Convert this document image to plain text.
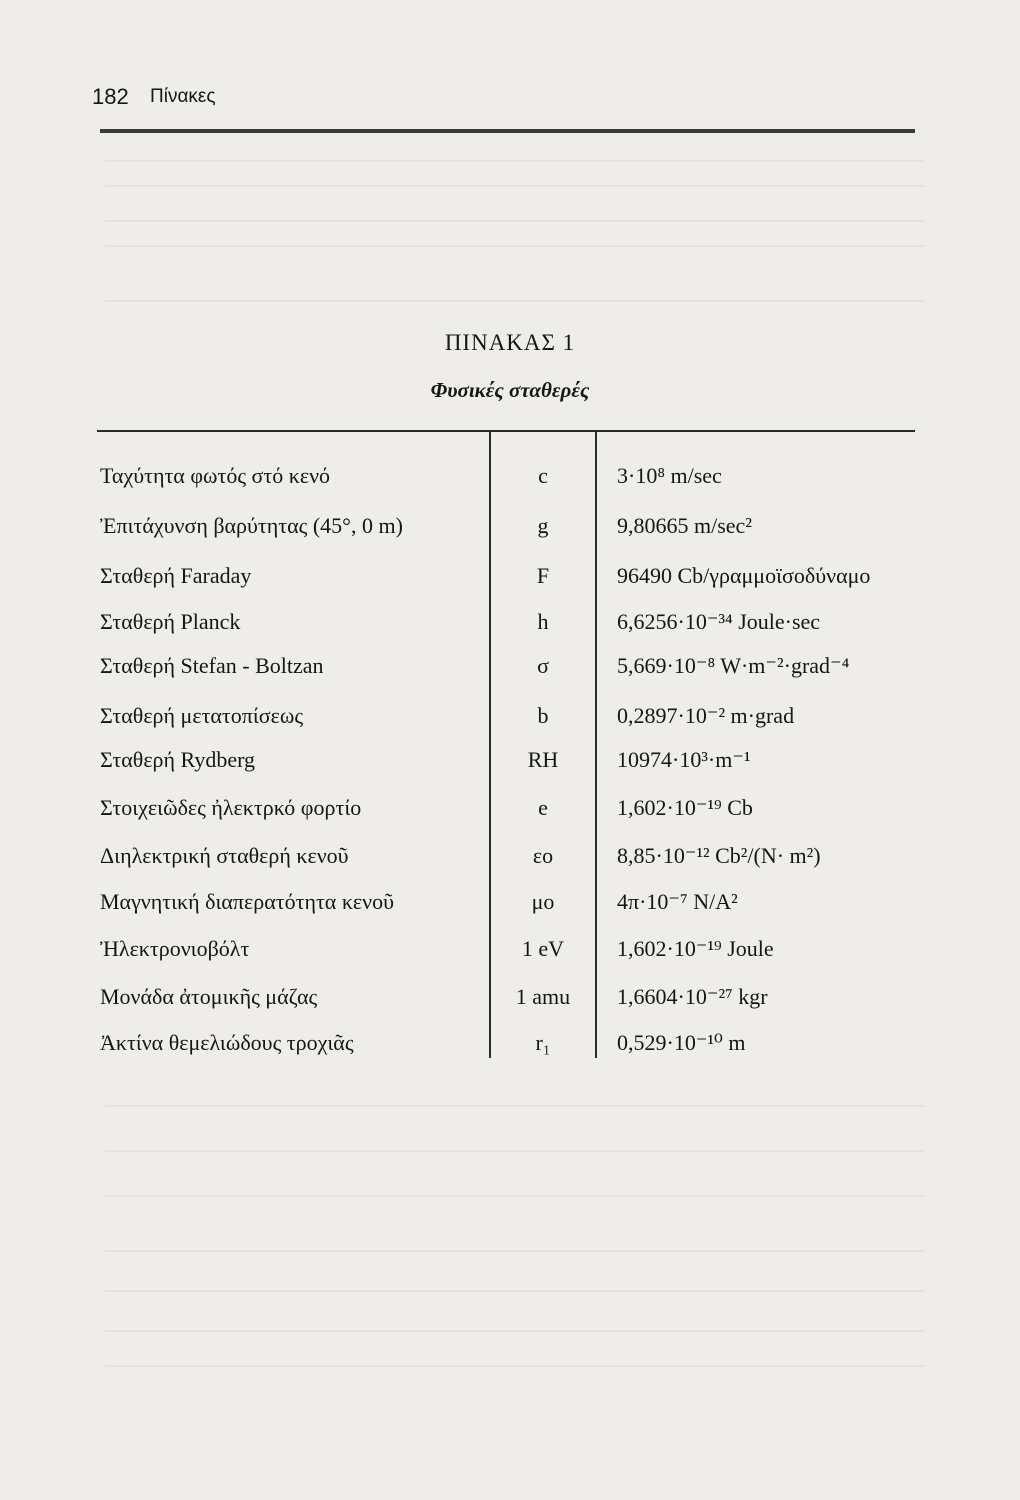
182 Πίνακες
ΠΙΝΑΚΑΣ 1
Φυσικές σταθερές
Ταχύτητα φωτός στό κενό	c	3·10⁸ m/sec
Ἐπιτάχυνση βαρύτητας (45°, 0 m)	g	9,80665 m/sec²
Σταθερή Faraday	F	96490 Cb/γραμμοϊσοδύναμο
Σταθερή Planck	h	6,6256·10⁻³⁴ Joule·sec
Σταθερή Stefan - Boltzan	σ	5,669·10⁻⁸ W·m⁻²·grad⁻⁴
Σταθερή μετατοπίσεως	b	0,2897·10⁻² m·grad
Σταθερή Rydberg	RH	10974·10³·m⁻¹
Στοιχειῶδες ἠλεκτρκό φορτίο	e	1,602·10⁻¹⁹ Cb
Διηλεκτρική σταθερή κενοῦ	εo	8,85·10⁻¹² Cb²/(N· m²)
Μαγνητική διαπερατότητα κενοῦ	μo	4π·10⁻⁷ N/A²
Ἠλεκτρονιοβόλτ	1 eV	1,602·10⁻¹⁹ Joule
Μονάδα ἀτομικῆς μάζας	1 amu	1,6604·10⁻²⁷ kgr
Ἀκτίνα θεμελιώδους τροχιᾶς	r₁	0,529·10⁻¹⁰ m
